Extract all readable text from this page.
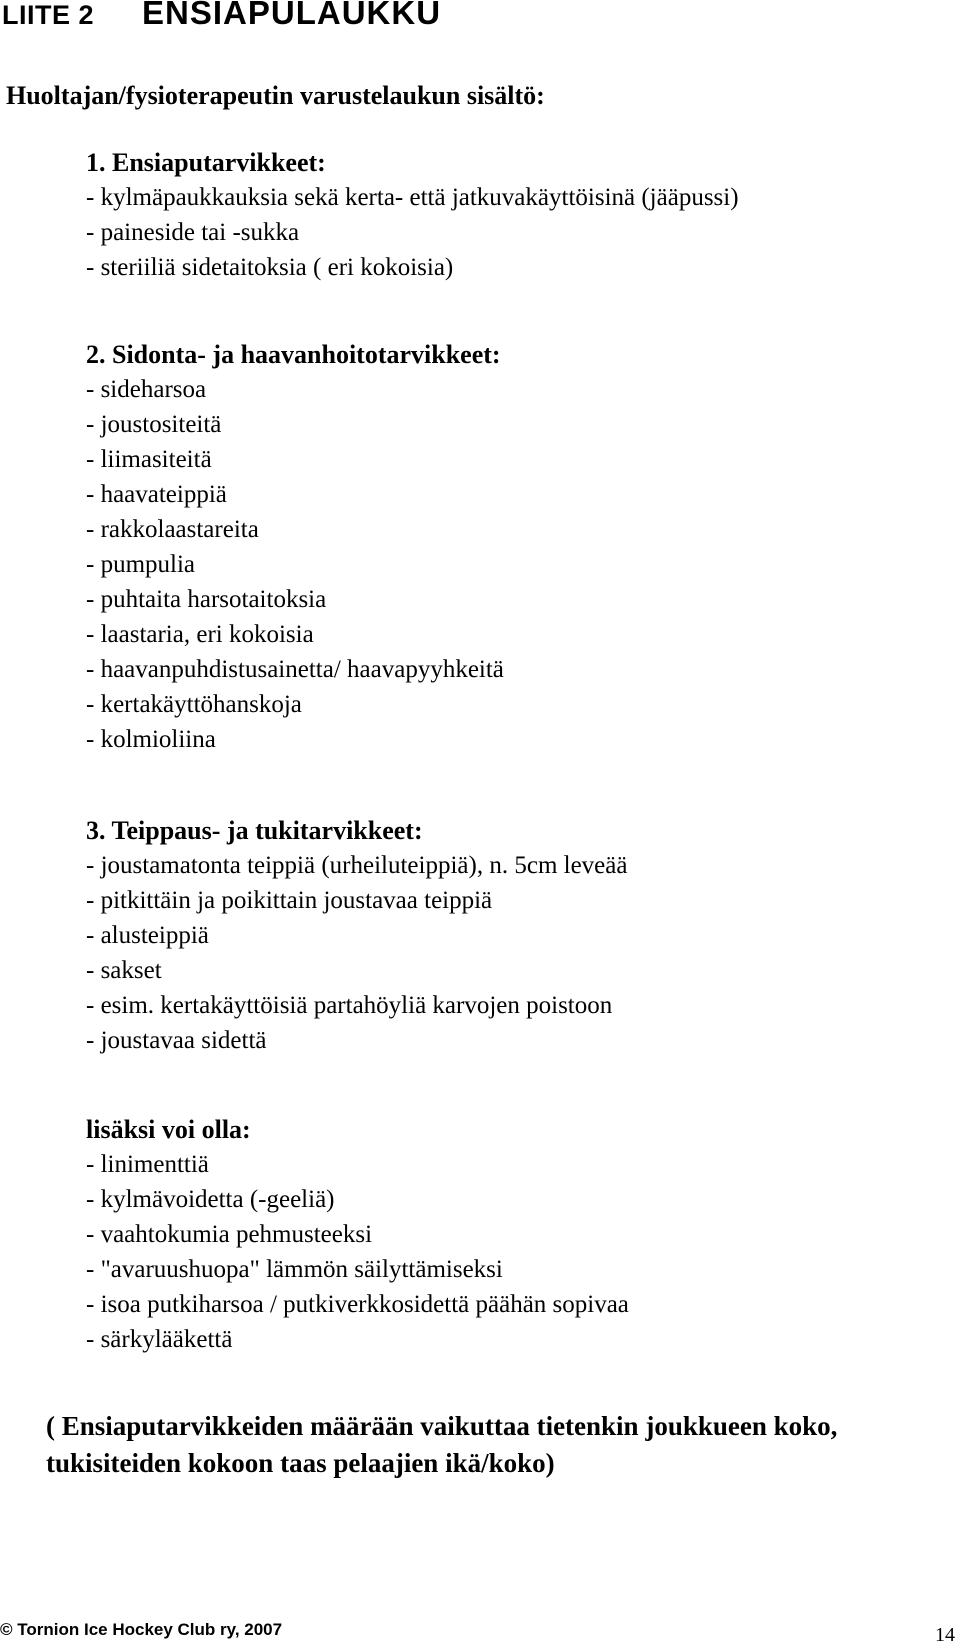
LIITE 2 ENSIAPULAUKKU
Huoltajan/fysioterapeutin varustelaukun sisältö:
1. Ensiaputarvikkeet:
- kylmäpaukkauksia sekä kerta- että jatkuvakäyttöisinä (jääpussi)
- paineside tai -sukka
- steriiliä sidetaitoksia ( eri kokoisia)
2. Sidonta- ja haavanhoitotarvikkeet:
- sideharsoa
- joustositeitä
- liimasiteitä
- haavateippiä
- rakkolaastareita
- pumpulia
- puhtaita harsotaitoksia
- laastaria, eri kokoisia
- haavanpuhdistusainetta/ haavapyyhkeitä
- kertakäyttöhanskoja
- kolmioliina
3. Teippaus- ja tukitarvikkeet:
- joustamatonta teippiä (urheiluteippiä), n. 5cm leveää
- pitkittäin ja poikittain joustavaa teippiä
- alusteippiä
- sakset
- esim. kertakäyttöisiä partahöyliä karvojen poistoon
- joustavaa sidettä
lisäksi voi olla:
- linimenttiä
- kylmävoidetta (-geeliä)
- vaahtokumia pehmusteeksi
- "avaruushuopa" lämmön säilyttämiseksi
- isoa putkiharsoa / putkiverkkosidettä päähän sopivaa
- särkylääkettä
( Ensiaputarvikkeiden määrään vaikuttaa tietenkin joukkueen koko, tukisiteiden kokoon taas pelaajien ikä/koko)
© Tornion Ice Hockey Club ry, 2007	14
